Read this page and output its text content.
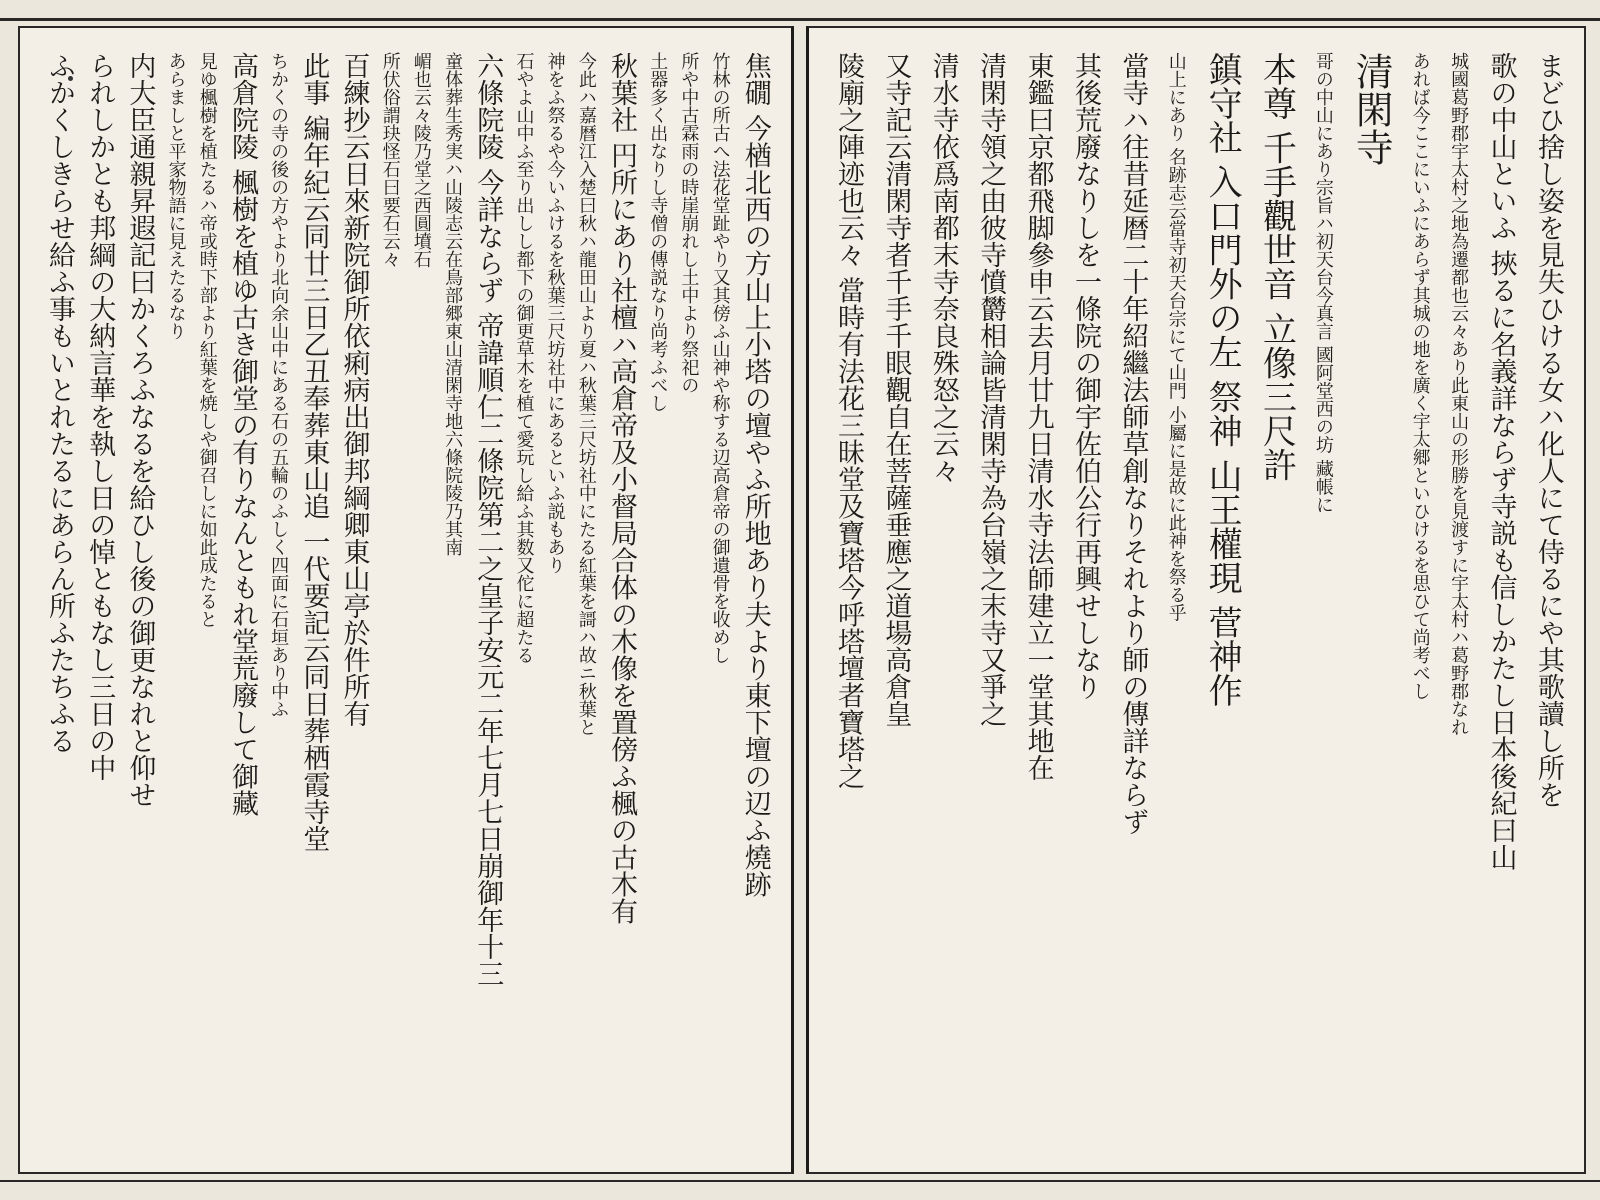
焦礀 今楢北西の方山上小塔の壇やふ所地あり夫より東下壇の辺ふ燒跡
竹林の所古へ法花堂趾やり又其傍ふ山神や称する辺高倉帝の御遺骨を收めし
所や中古霖雨の時崖崩れし土中より祭祀の
土器多く出なりし寺僧の傳説なり尚考ふべし
秋葉社 円所にあり社檀ハ高倉帝及小督局合体の木像を置傍ふ楓の古木有
今此ハ嘉暦江入楚曰秋ハ龍田山より夏ハ秋葉三尺坊社中にたる紅葉を謌ハ故ニ秋葉と
神をふ祭るや今いふけるを秋葉三尺坊社中にあるといふ説もあり
石やよ山中ふ至り出しし都下の御更草木を植て愛玩し給ふ其数又佗に超たる
六條院陵 今詳ならず 帝諱順仁二條院第二之皇子安元二年七月七日崩御年十三
童体葬生秀実ハ山陵志云在鳥部郷東山清閑寺地六條院陵乃其南
嵋也云々陵乃堂之西圓墳石
所伏俗謂玦怪石曰要石云々
百練抄云日來新院御所依痢病出御邦綱卿東山亭於件所有
此事 編年紀云同廿三日乙丑奉葬東山追 一代要記云同日葬栖霞寺堂
ちかくの寺の後の方やより北向余山中にある石の五輪のふしく四面に石垣あり中ふ
高倉院陵 楓樹を植ゆ古き御堂の有りなんともれ堂荒廢して御藏
見ゆ楓樹を植たるハ帝或時下部より紅葉を焼しや御召しに如此成たると
あらましと平家物語に見えたるなり
内大臣通親昇遐記曰かくろふなるを給ひし後の御更なれと仰せ
られしかとも邦綱の大納言華を執し日の悼ともなし三日の中
ふかくしきらせ給ふ事もいとれたるにあらん所ふたちふる	まどひ捨し姿を見失ひける女ハ化人にて侍るにや其歌讀し所を
歌の中山といふ 挾るに名義詳ならず寺説も信しかたし日本後紀曰山
城國葛野郡宇太村之地為遷都也云々あり此東山の形勝を見渡すに宇太村ハ葛野郡なれ
あれば今ここにいふにあらず其城の地を廣く宇太郷といひけるを思ひて尚考べし
清閑寺
哥の中山にあり宗旨ハ初天台今真言 國阿堂西の坊 藏帳に
本尊 千手觀世音 立像三尺許
鎮守社 入口門外の左 祭神 山王權現 菅神作
山上にあり 名跡志云當寺初天台宗にて山門 小屬に是故に此神を祭る乎
當寺ハ往昔延暦二十年紹繼法師草創なりそれより師の傳詳ならず
其後荒廢なりしを一條院の御宇佐伯公行再興せしなり
東鑑曰京都飛脚參申云去月廿九日清水寺法師建立一堂其地在
清閑寺領之由彼寺憤欝相論皆清閑寺為台嶺之末寺又爭之
清水寺依爲南都末寺奈良殊怒之云々
又寺記云清閑寺者千手千眼觀自在菩薩垂應之道場高倉皇
陵廟之陣迹也云々 當時有法花三昧堂及寶塔今呼塔壇者寶塔之
